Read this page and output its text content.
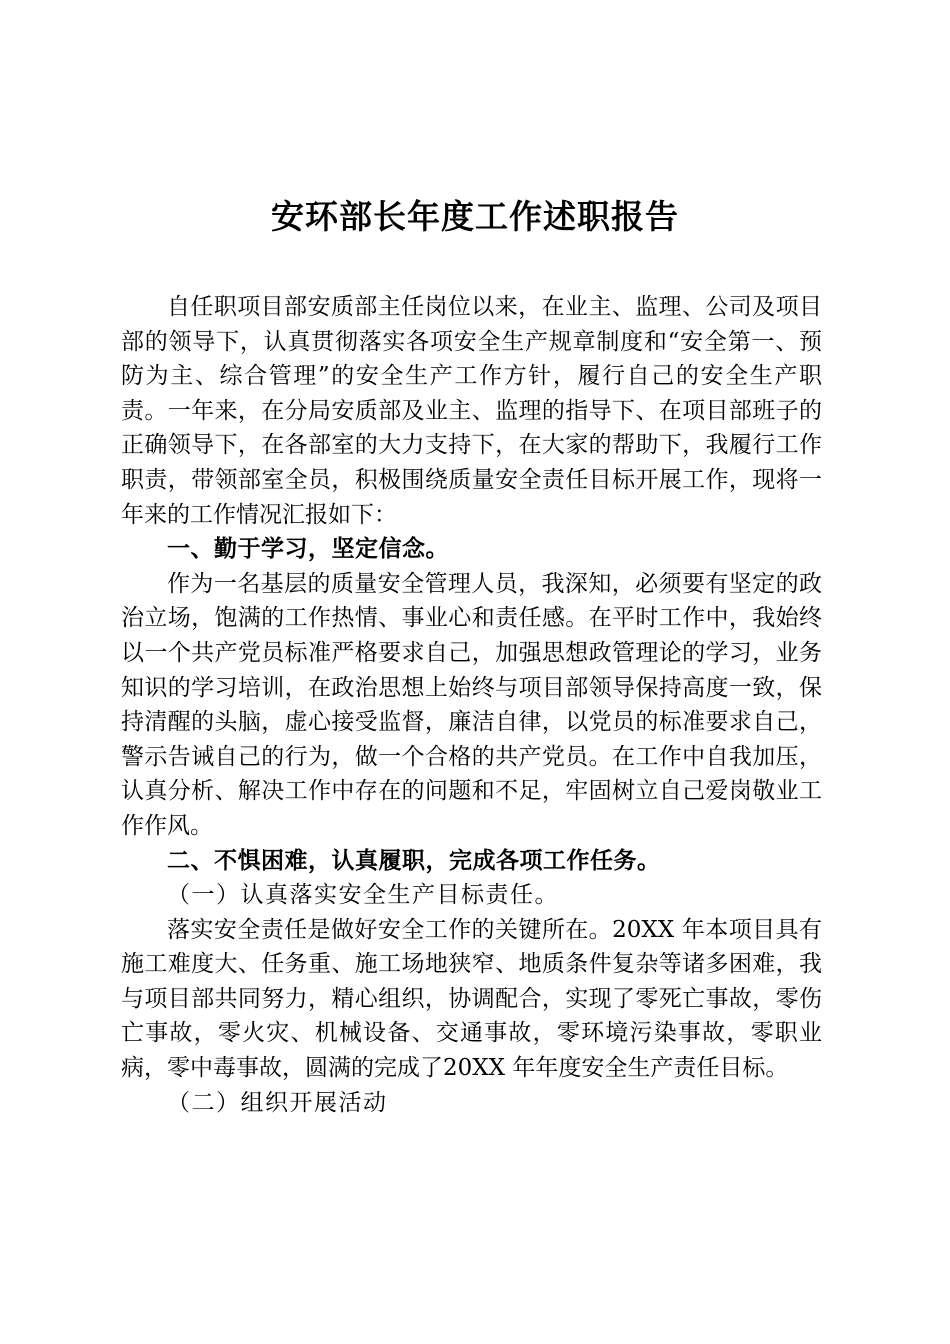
安环部长年度工作述职报告

自任职项目部安质部主任岗位以来，在业主、监理、公司及项目部的领导下，认真贯彻落实各项安全生产规章制度和“安全第一、预防为主、综合管理”的安全生产工作方针，履行自己的安全生产职责。一年来，在分局安质部及业主、监理的指导下、在项目部班子的正确领导下，在各部室的大力支持下，在大家的帮助下，我履行工作职责，带领部室全员，积极围绕质量安全责任目标开展工作，现将一年来的工作情况汇报如下：

一、勤于学习，坚定信念。

作为一名基层的质量安全管理人员，我深知，必须要有坚定的政治立场，饱满的工作热情、事业心和责任感。在平时工作中，我始终以一个共产党员标准严格要求自己，加强思想政管理论的学习，业务知识的学习培训，在政治思想上始终与项目部领导保持高度一致，保持清醒的头脑，虚心接受监督，廉洁自律，以党员的标准要求自己，警示告诫自己的行为，做一个合格的共产党员。在工作中自我加压，认真分析、解决工作中存在的问题和不足，牢固树立自己爱岗敬业工作作风。

二、不惧困难，认真履职，完成各项工作任务。

（一）认真落实安全生产目标责任。

落实安全责任是做好安全工作的关键所在。20XX 年本项目具有施工难度大、任务重、施工场地狭窄、地质条件复杂等诸多困难，我与项目部共同努力，精心组织，协调配合，实现了零死亡事故，零伤亡事故，零火灾、机械设备、交通事故，零环境污染事故，零职业病，零中毒事故，圆满的完成了20XX 年年度安全生产责任目标。

（二）组织开展活动
